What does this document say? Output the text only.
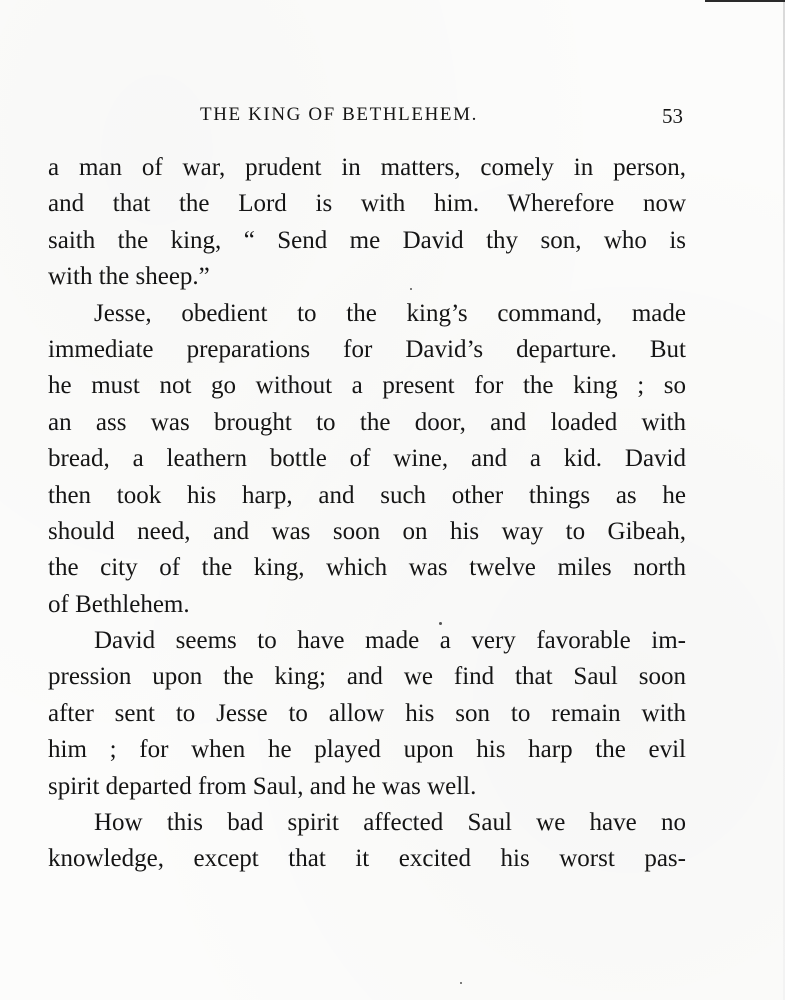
THE KING OF BETHLEHEM.	53
a man of war, prudent in matters, comely in person,
and that the Lord is with him. Wherefore now
saith the king, “ Send me David thy son, who is
with the sheep.”
Jesse, obedient to the king’s command, made
immediate preparations for David’s departure. But
he must not go without a present for the king ; so
an ass was brought to the door, and loaded with
bread, a leathern bottle of wine, and a kid. David
then took his harp, and such other things as he
should need, and was soon on his way to Gibeah,
the city of the king, which was twelve miles north
of Bethlehem.
David seems to have made a very favorable im-
pression upon the king; and we find that Saul soon
after sent to Jesse to allow his son to remain with
him ; for when he played upon his harp the evil
spirit departed from Saul, and he was well.
How this bad spirit affected Saul we have no
knowledge, except that it excited his worst pas-
